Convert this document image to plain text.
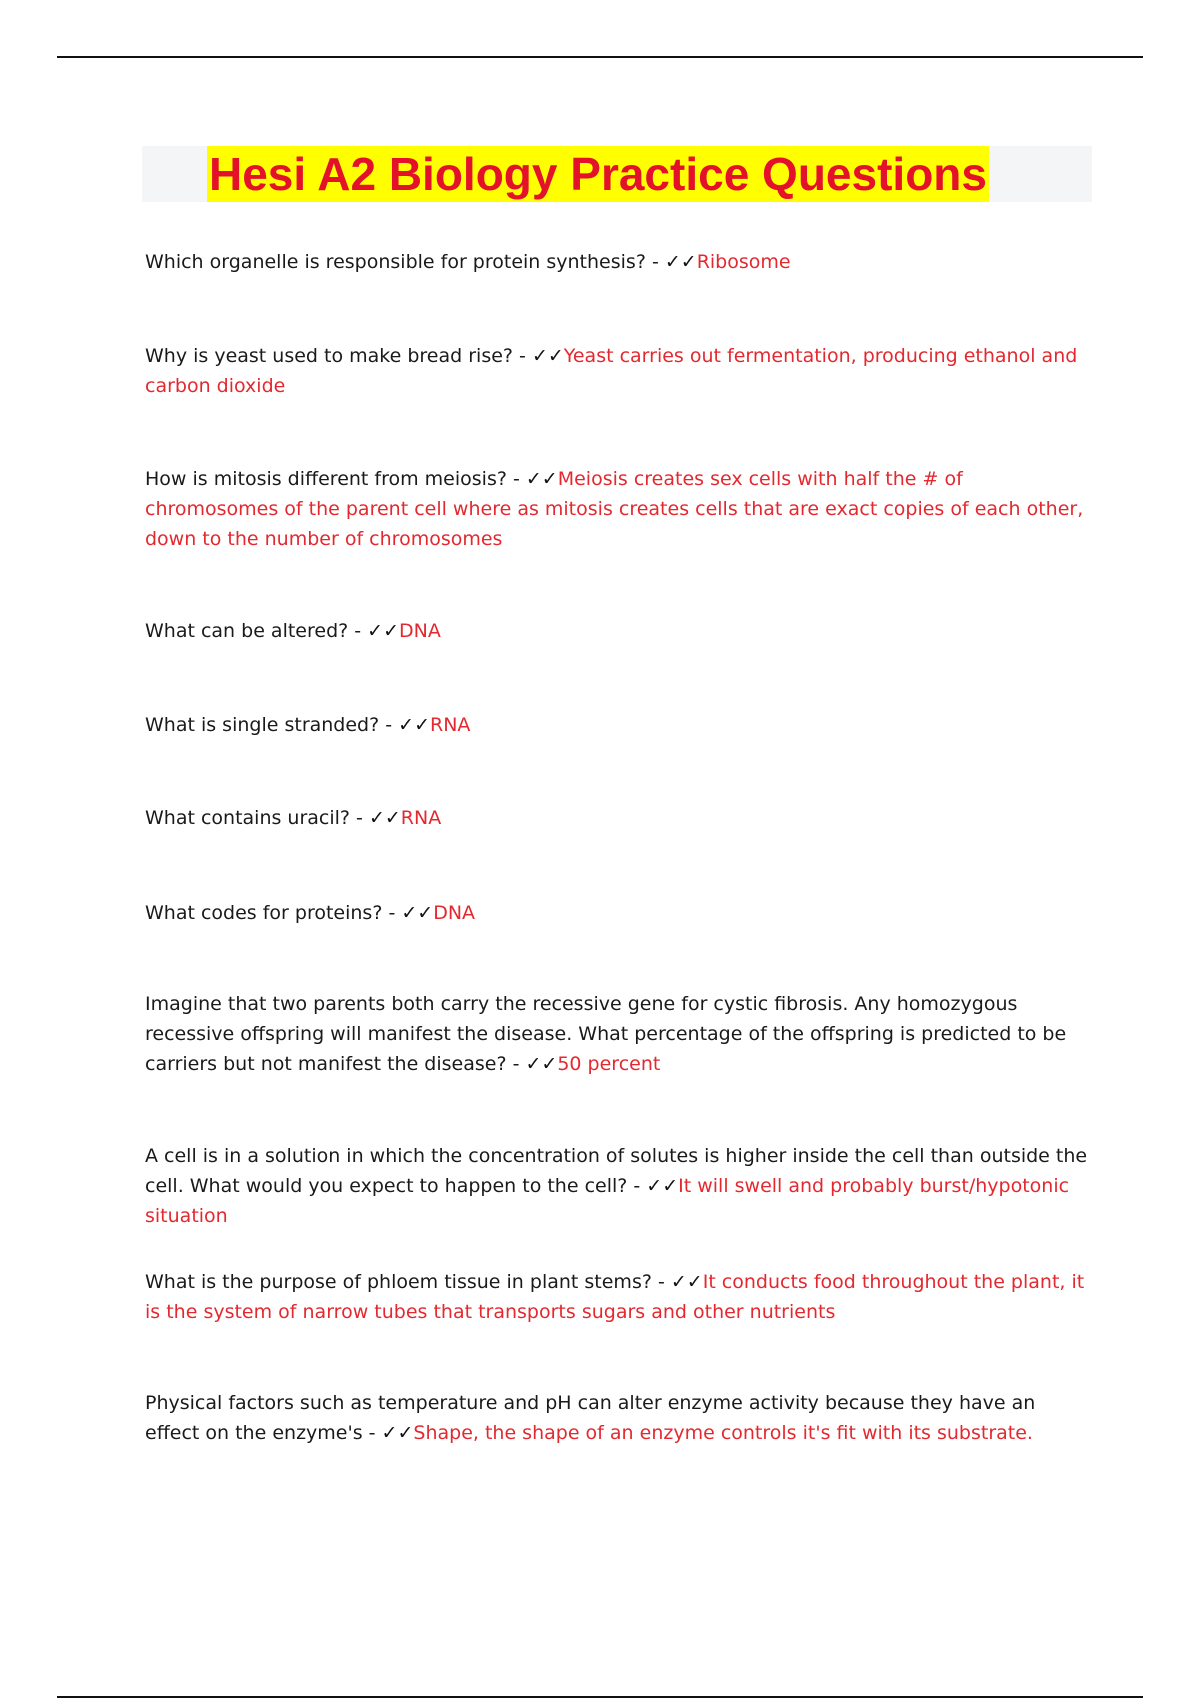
Hesi A2 Biology Practice Questions

Which organelle is responsible for protein synthesis? - ✓✓Ribosome

Why is yeast used to make bread rise? - ✓✓Yeast carries out fermentation, producing ethanol and carbon dioxide

How is mitosis different from meiosis? - ✓✓Meiosis creates sex cells with half the # of chromosomes of the parent cell where as mitosis creates cells that are exact copies of each other, down to the number of chromosomes

What can be altered? - ✓✓DNA

What is single stranded? - ✓✓RNA

What contains uracil? - ✓✓RNA

What codes for proteins? - ✓✓DNA

Imagine that two parents both carry the recessive gene for cystic fibrosis. Any homozygous recessive offspring will manifest the disease. What percentage of the offspring is predicted to be carriers but not manifest the disease? - ✓✓50 percent

A cell is in a solution in which the concentration of solutes is higher inside the cell than outside the cell. What would you expect to happen to the cell? - ✓✓It will swell and probably burst/hypotonic situation

What is the purpose of phloem tissue in plant stems? - ✓✓It conducts food throughout the plant, it is the system of narrow tubes that transports sugars and other nutrients

Physical factors such as temperature and pH can alter enzyme activity because they have an effect on the enzyme's - ✓✓Shape, the shape of an enzyme controls it's fit with its substrate.
